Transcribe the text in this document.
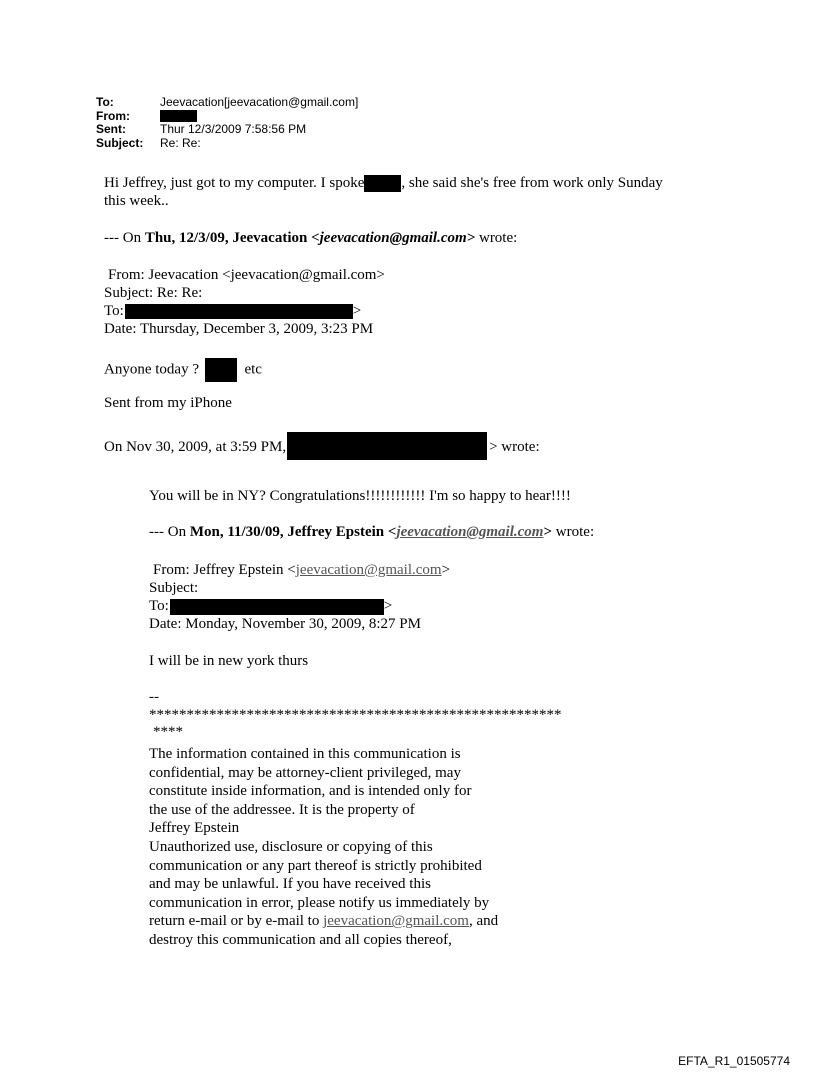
To:	Jeevacation[jeevacation@gmail.com]
From:
Sent:	Thur 12/3/2009 7:58:56 PM
Subject:	Re: Re:
Hi Jeffrey, just got to my computer. I spoke , she said she's free from work only Sunday
this week..
--- On Thu, 12/3/09, Jeevacation <jeevacation@gmail.com> wrote:
From: Jeevacation <jeevacation@gmail.com>
Subject: Re: Re:
To:	>
Date: Thursday, December 3, 2009, 3:23 PM
Anyone today ?	etc
Sent from my iPhone
On Nov 30, 2009, at 3:59 PM,	> wrote:
You will be in NY? Congratulations!!!!!!!!!!!! I'm so happy to hear!!!!
--- On Mon, 11/30/09, Jeffrey Epstein <jeevacation@gmail.com> wrote:
From: Jeffrey Epstein <jeevacation@gmail.com>
Subject:
To:	>
Date: Monday, November 30, 2009, 8:27 PM
I will be in new york thurs
--
*******************************************************
****
The information contained in this communication is
confidential, may be attorney-client privileged, may
constitute inside information, and is intended only for
the use of the addressee. It is the property of
Jeffrey Epstein
Unauthorized use, disclosure or copying of this
communication or any part thereof is strictly prohibited
and may be unlawful. If you have received this
communication in error, please notify us immediately by
return e-mail or by e-mail to jeevacation@gmail.com, and
destroy this communication and all copies thereof,
EFTA_R1_01505774
